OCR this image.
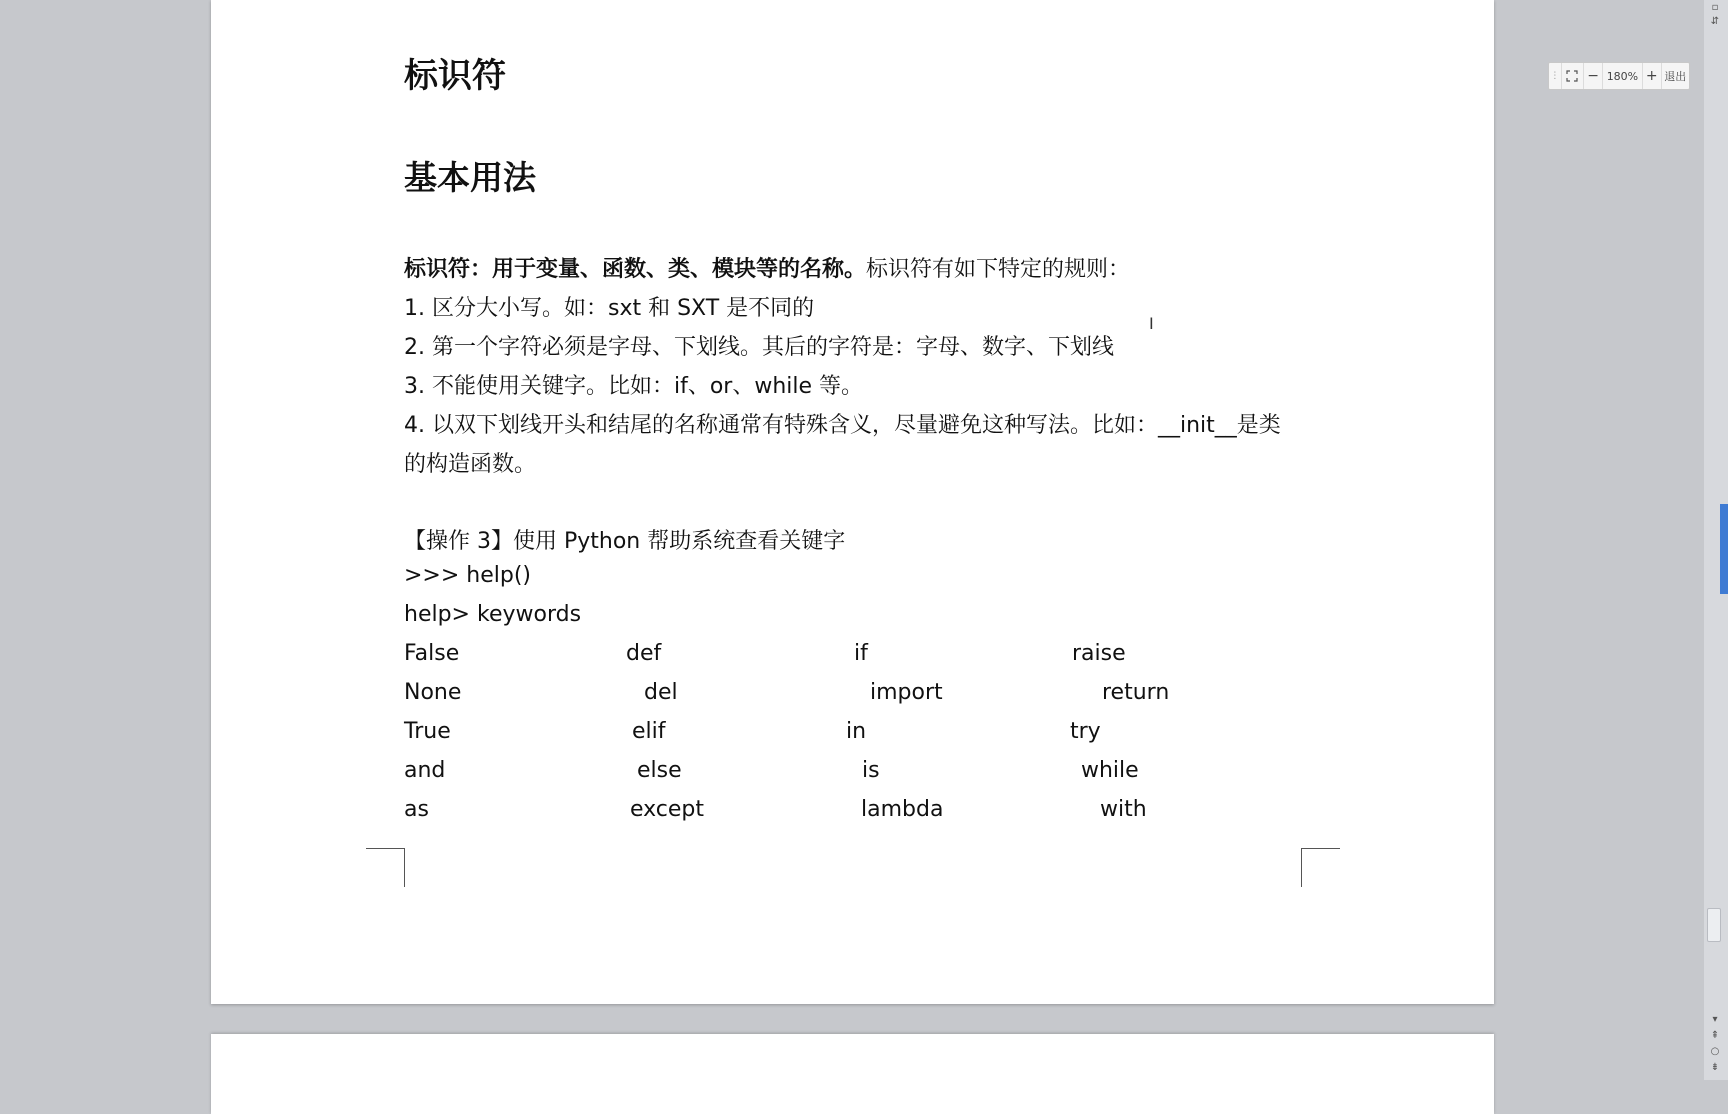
标识符
基本用法
标识符：用于变量、函数、类、模块等的名称。标识符有如下特定的规则：
1. 区分大小写。如：sxt 和 SXT 是不同的
2. 第一个字符必须是字母、下划线。其后的字符是：字母、数字、下划线
3. 不能使用关键字。比如：if、or、while 等。
4. 以双下划线开头和结尾的名称通常有特殊含义，尽量避免这种写法。比如：__init__是类
的构造函数。
【操作 3】使用 Python 帮助系统查看关键字
>>> help()
help> keywords
False	def	if	raise
None	del	import	return
True	elif	in	try
and	else	is	while
as	except	lambda	with
Ⅰ
⋮ − 180% + 退出
▫
⇵
▾
⇞
○
⇟
